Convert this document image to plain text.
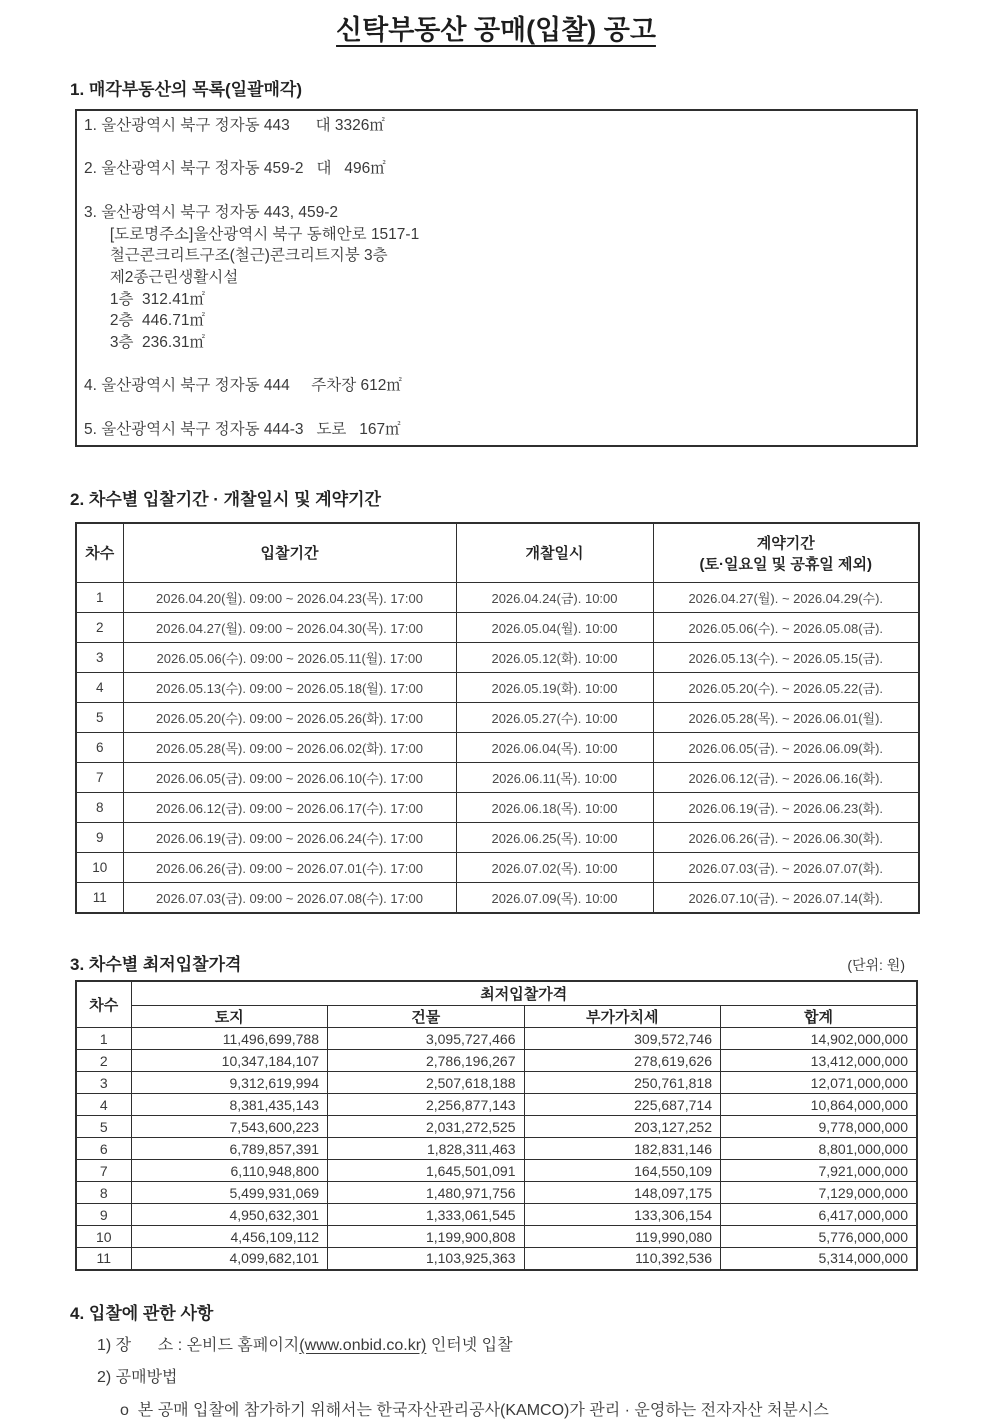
신탁부동산 공매(입찰) 공고
1. 매각부동산의 목록(일괄매각)
1. 울산광역시 북구 정자동 443      대 3326㎡

2. 울산광역시 북구 정자동 459-2   대   496㎡

3. 울산광역시 북구 정자동 443, 459-2
[도로명주소]울산광역시 북구 동해안로 1517-1
철근콘크리트구조(철근)콘크리트지붕 3층
제2종근린생활시설
1층  312.41㎡
2층  446.71㎡
3층  236.31㎡

4. 울산광역시 북구 정자동 444     주차장 612㎡

5. 울산광역시 북구 정자동 444-3   도로   167㎡
2. 차수별 입찰기간 · 개찰일시 및 계약기간
차수	입찰기간	개찰일시	계약기간
(토·일요일 및 공휴일 제외)

1	2026.04.20(월). 09:00 ~ 2026.04.23(목). 17:00	2026.04.24(금). 10:00	2026.04.27(월). ~ 2026.04.29(수).
2	2026.04.27(월). 09:00 ~ 2026.04.30(목). 17:00	2026.05.04(월). 10:00	2026.05.06(수). ~ 2026.05.08(금).
3	2026.05.06(수). 09:00 ~ 2026.05.11(월). 17:00	2026.05.12(화). 10:00	2026.05.13(수). ~ 2026.05.15(금).
4	2026.05.13(수). 09:00 ~ 2026.05.18(월). 17:00	2026.05.19(화). 10:00	2026.05.20(수). ~ 2026.05.22(금).
5	2026.05.20(수). 09:00 ~ 2026.05.26(화). 17:00	2026.05.27(수). 10:00	2026.05.28(목). ~ 2026.06.01(월).
6	2026.05.28(목). 09:00 ~ 2026.06.02(화). 17:00	2026.06.04(목). 10:00	2026.06.05(금). ~ 2026.06.09(화).
7	2026.06.05(금). 09:00 ~ 2026.06.10(수). 17:00	2026.06.11(목). 10:00	2026.06.12(금). ~ 2026.06.16(화).
8	2026.06.12(금). 09:00 ~ 2026.06.17(수). 17:00	2026.06.18(목). 10:00	2026.06.19(금). ~ 2026.06.23(화).
9	2026.06.19(금). 09:00 ~ 2026.06.24(수). 17:00	2026.06.25(목). 10:00	2026.06.26(금). ~ 2026.06.30(화).
10	2026.06.26(금). 09:00 ~ 2026.07.01(수). 17:00	2026.07.02(목). 10:00	2026.07.03(금). ~ 2026.07.07(화).
11	2026.07.03(금). 09:00 ~ 2026.07.08(수). 17:00	2026.07.09(목). 10:00	2026.07.10(금). ~ 2026.07.14(화).
3. 차수별 최저입찰가격	(단위: 원)
차수	최저입찰가격			
	토지	건물	부가가치세	합계
1	11,496,699,788	3,095,727,466	309,572,746	14,902,000,000
2	10,347,184,107	2,786,196,267	278,619,626	13,412,000,000
3	9,312,619,994	2,507,618,188	250,761,818	12,071,000,000
4	8,381,435,143	2,256,877,143	225,687,714	10,864,000,000
5	7,543,600,223	2,031,272,525	203,127,252	9,778,000,000
6	6,789,857,391	1,828,311,463	182,831,146	8,801,000,000
7	6,110,948,800	1,645,501,091	164,550,109	7,921,000,000
8	5,499,931,069	1,480,971,756	148,097,175	7,129,000,000
9	4,950,632,301	1,333,061,545	133,306,154	6,417,000,000
10	4,456,109,112	1,199,900,808	119,990,080	5,776,000,000
11	4,099,682,101	1,103,925,363	110,392,536	5,314,000,000
4. 입찰에 관한 사항
1) 장      소 : 온비드 홈페이지(www.onbid.co.kr) 인터넷 입찰
2) 공매방법
o  본 공매 입찰에 참가하기 위해서는 한국자산관리공사(KAMCO)가 관리 · 운영하는 전자자산 처분시스
